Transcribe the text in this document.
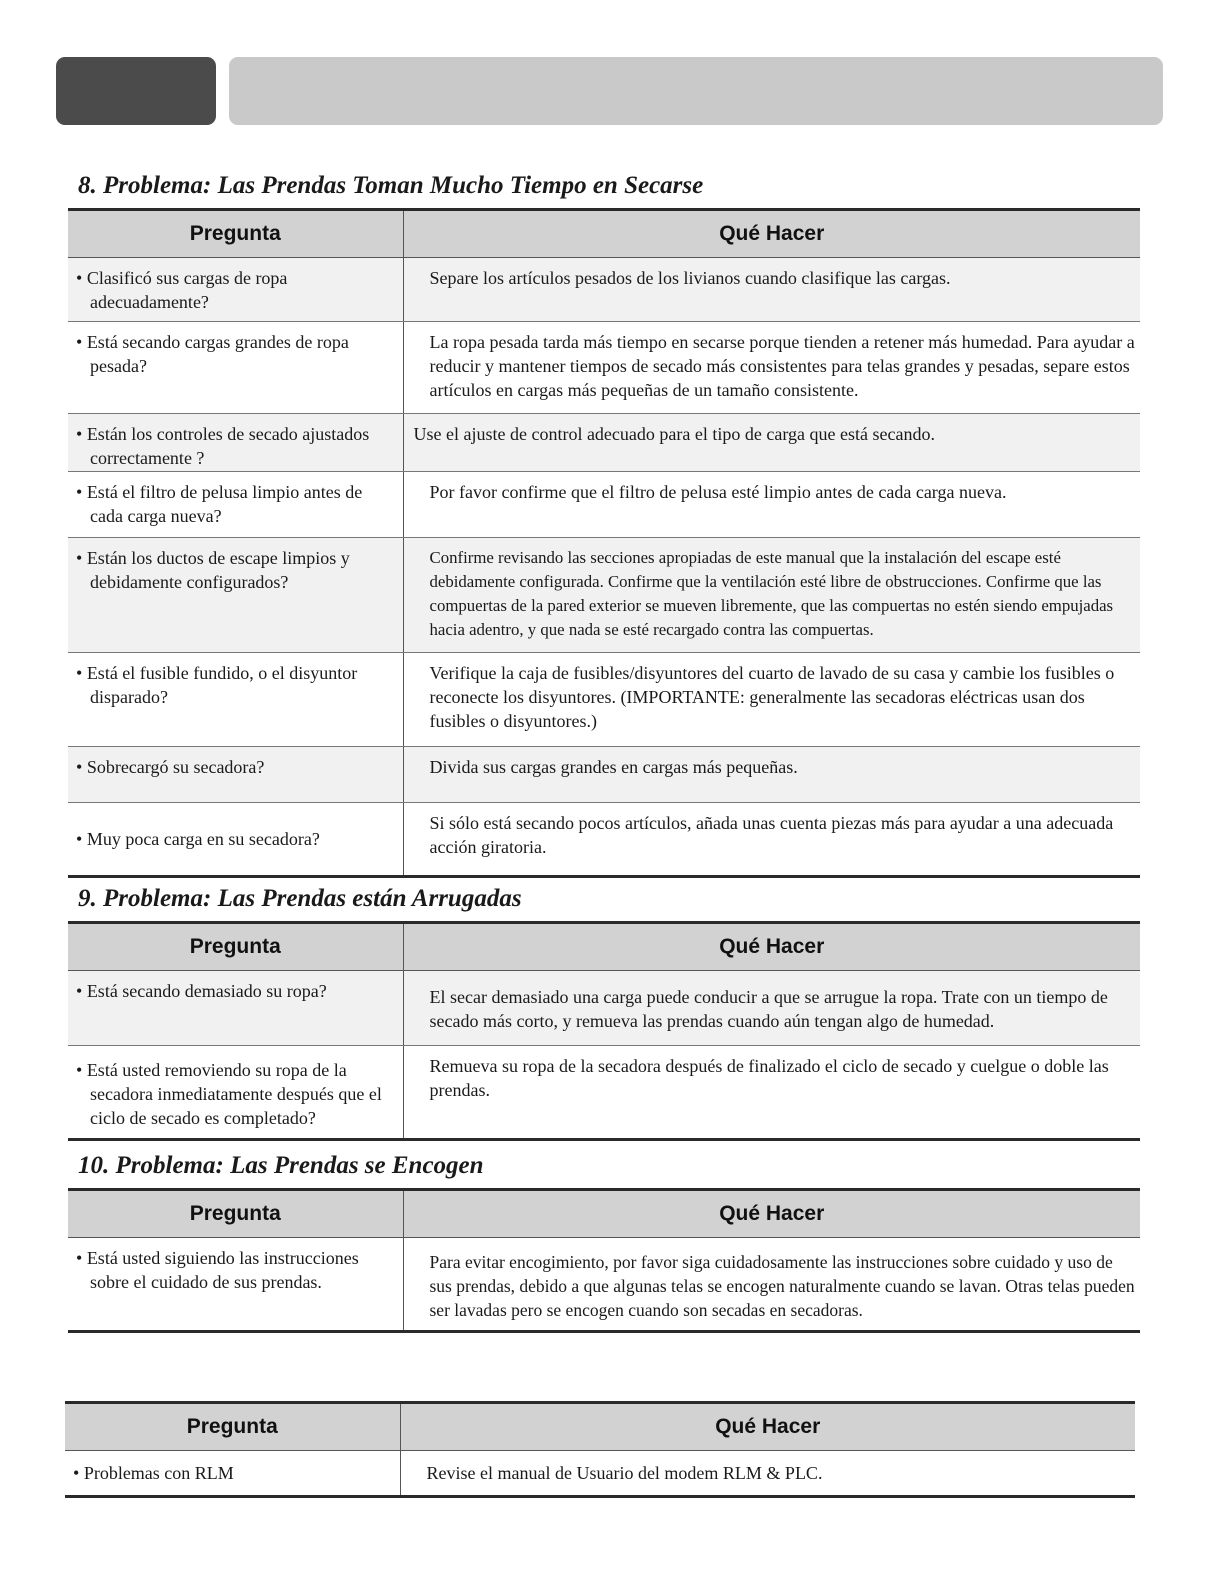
8. Problema: Las Prendas Toman Mucho Tiempo en Secarse
Pregunta	Qué Hacer

• Clasificó sus cargas de ropa adecuadamente?	Separe los artículos pesados de los livianos cuando clasifique las cargas.

• Está secando cargas grandes de ropa pesada?	La ropa pesada tarda más tiempo en secarse porque tienden a retener más humedad. Para ayudar a reducir y mantener tiempos de secado más consistentes para telas grandes y pesadas, separe estos artículos en cargas más pequeñas de un tamaño consistente.

• Están los controles de secado ajustados correctamente ?	Use el ajuste de control adecuado para el tipo de carga que está secando.

• Está el filtro de pelusa limpio antes de cada carga nueva?	Por favor confirme que el filtro de pelusa esté limpio antes de cada carga nueva.

• Están los ductos de escape limpios y debidamente configurados?	Confirme revisando las secciones apropiadas de este manual que la instalación del escape esté debidamente configurada. Confirme que la ventilación esté libre de obstrucciones. Confirme que las compuertas de la pared exterior se mueven libremente, que las compuertas no estén siendo empujadas hacia adentro, y que nada se esté recargado contra las compuertas.

• Está el fusible fundido, o el disyuntor disparado?	Verifique la caja de fusibles/disyuntores del cuarto de lavado de su casa y cambie los fusibles o reconecte los disyuntores. (IMPORTANTE: generalmente las secadoras eléctricas usan dos fusibles o disyuntores.)

• Sobrecargó su secadora?	Divida sus cargas grandes en cargas más pequeñas.

• Muy poca carga en su secadora?	Si sólo está secando pocos artículos, añada unas cuenta piezas más para ayudar a una adecuada acción giratoria.
9. Problema: Las Prendas están Arrugadas
Pregunta	Qué Hacer

• Está secando demasiado su ropa?	El secar demasiado una carga puede conducir a que se arrugue la ropa. Trate con un tiempo de secado más corto, y remueva las prendas cuando aún tengan algo de humedad.

• Está usted removiendo su ropa de la secadora inmediatamente después que el ciclo de secado es completado?	Remueva su ropa de la secadora después de finalizado el ciclo de secado y cuelgue o doble las prendas.
10. Problema: Las Prendas se Encogen
Pregunta	Qué Hacer

• Está usted siguiendo las instrucciones sobre el cuidado de sus prendas.	Para evitar encogimiento, por favor siga cuidadosamente las instrucciones sobre cuidado y uso de sus prendas, debido a que algunas telas se encogen naturalmente cuando se lavan. Otras telas pueden ser lavadas pero se encogen cuando son secadas en secadoras.
Pregunta	Qué Hacer

• Problemas con RLM	Revise el manual de Usuario del modem RLM & PLC.
